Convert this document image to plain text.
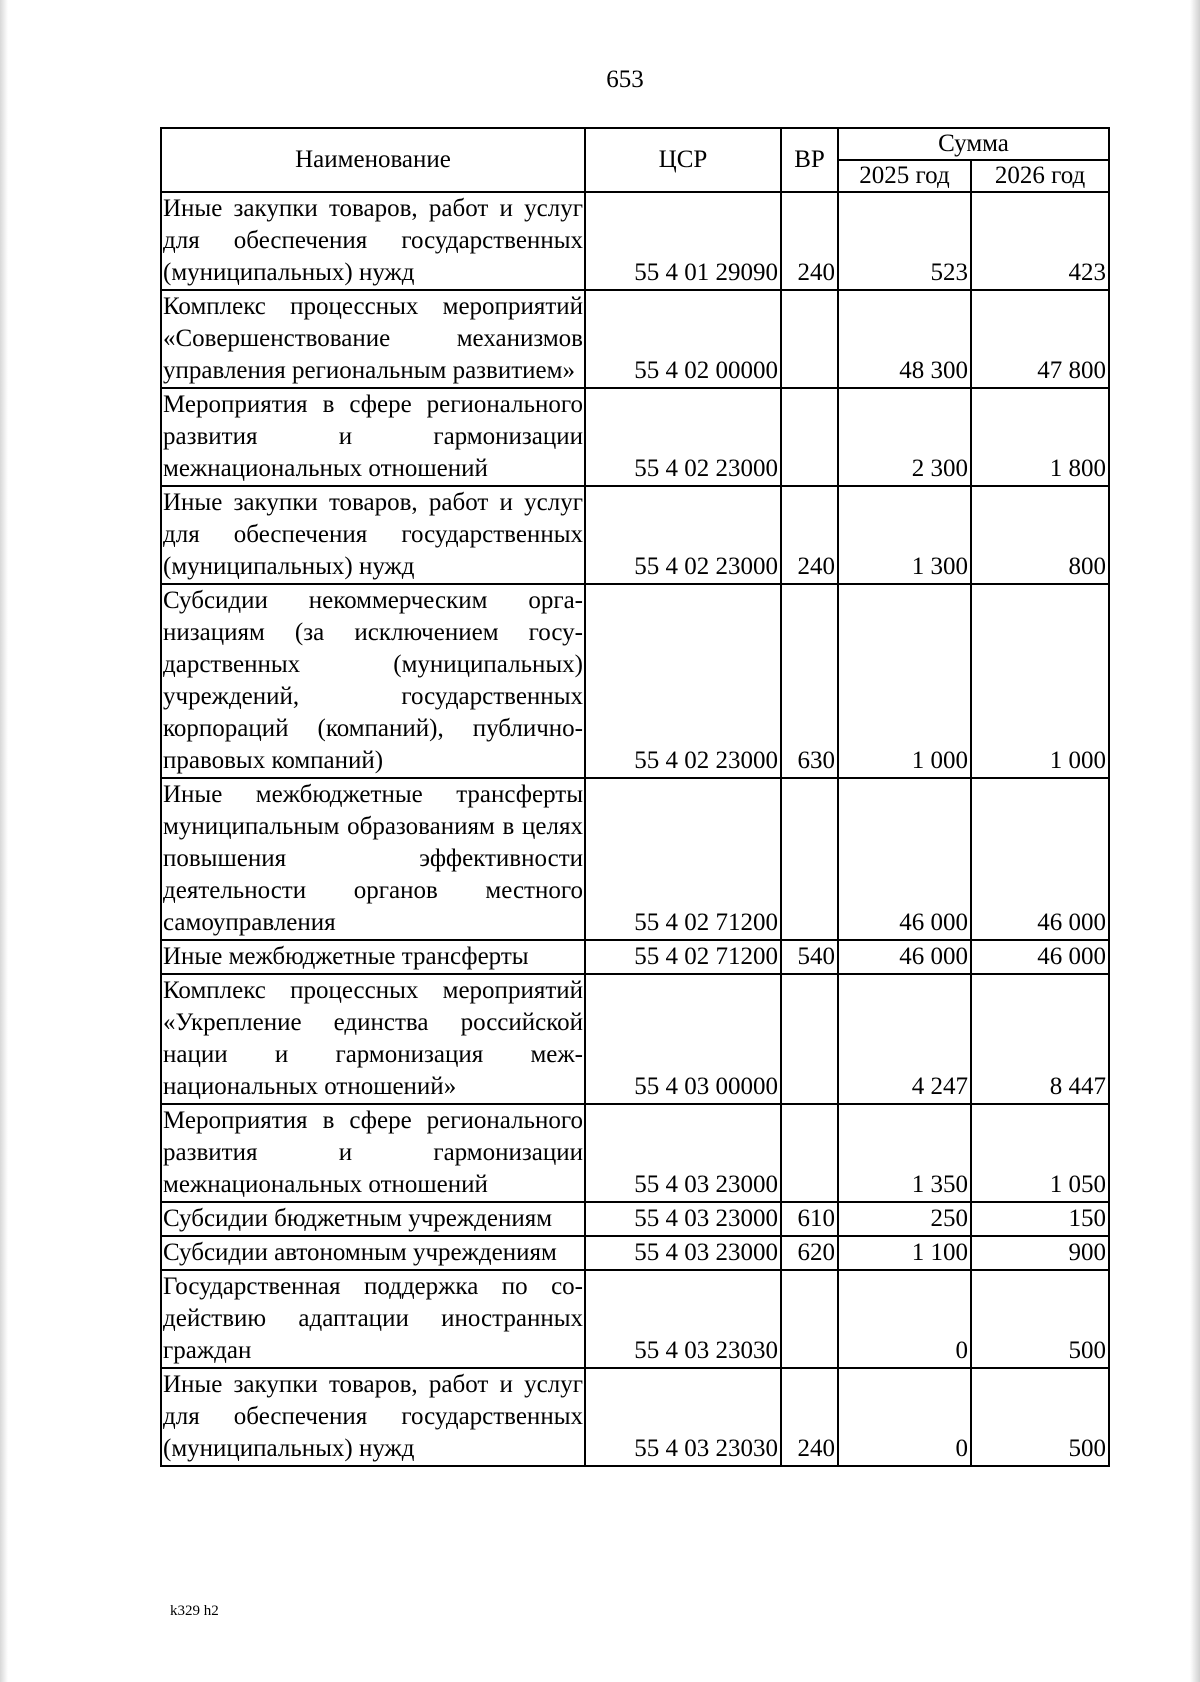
653
Наименование	ЦСР	ВР	Сумма	
			2025 год	2026 год
Иные закупки товаров, работ и услуг для обеспечения государственных (муниципальных) нужд	55 4 01 29090	240	523	423
Комплекс процессных мероприятий «Совершенствование механизмов управления региональным развитием»	55 4 02 00000		48 300	47 800
Мероприятия в сфере регионального развития и гармонизации межнациональных отношений	55 4 02 23000		2 300	1 800
Иные закупки товаров, работ и услуг для обеспечения государственных (муниципальных) нужд	55 4 02 23000	240	1 300	800
Субсидии некоммерческим организациям (за исключением государственных (муниципальных) учреждений, государственных корпораций (компаний), публично-правовых компаний)	55 4 02 23000	630	1 000	1 000
Иные межбюджетные трансферты муниципальным образованиям в целях повышения эффективности деятельности органов местного самоуправления	55 4 02 71200		46 000	46 000
Иные межбюджетные трансферты	55 4 02 71200	540	46 000	46 000
Комплекс процессных мероприятий «Укрепление единства российской нации и гармонизация межнациональных отношений»	55 4 03 00000		4 247	8 447
Мероприятия в сфере регионального развития и гармонизации межнациональных отношений	55 4 03 23000		1 350	1 050
Субсидии бюджетным учреждениям	55 4 03 23000	610	250	150
Субсидии автономным учреждениям	55 4 03 23000	620	1 100	900
Государственная поддержка по содействию адаптации иностранных граждан	55 4 03 23030		0	500
Иные закупки товаров, работ и услуг для обеспечения государственных (муниципальных) нужд	55 4 03 23030	240	0	500
k329 h2
